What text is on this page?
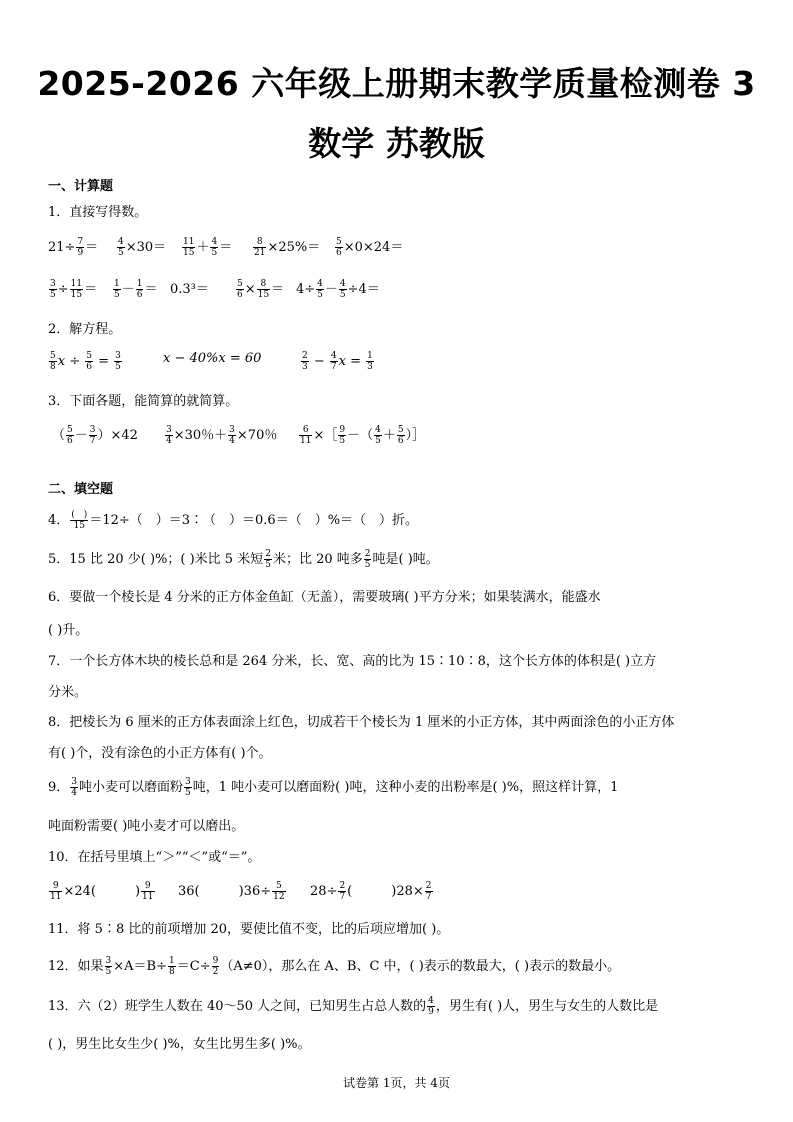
2025-2026 六年级上册期末教学质量检测卷 3
数学 苏教版
一、计算题
1．直接写得数。
$21\div \frac{7}{9} = \frac{4}{5} \times 30= \frac{11}{15} + \frac{4}{5} = \frac{8}{21} \times 25\%= \frac{5}{6} \times 0\times 24=$
$\frac{3}{5} \div \frac{11}{15} = \frac{1}{5} - \frac{1}{6} = 0.3^3=$	$\frac{5}{6} \times \frac{8}{15} = 4\div \frac{4}{5} - \frac{4}{5} \div 4=$
2．解方程。
$\frac{5}{8}$ $x \div \frac{5}{6} = \frac{3}{5}$	x − 40%x = 60	$\frac{2}{3} - \frac{4}{7}$ $x = \frac{1}{3}$
3．下面各题，能简算的就简算。
（ $\frac{5}{6} - \frac{3}{7} )\times 42$	$\frac{3}{4} \times 30$％＋ $\frac{3}{4} \times 70$％ $\frac{6}{11}$ ×［ $\frac{9}{5}$ －（ $\frac{4}{5} + \frac{5}{6}$ ）］
二、填空题
4． $\frac{( )}{15} =12\div$（　）＝3∶（　）＝0.6＝（　）%＝（　）折。
5．15 比 20 少( )%；( )米比 5 米短 $\frac{2}{5}$ 米；比 20 吨多 $\frac{2}{5}$ 吨是( )吨。
6．要做一个棱长是 4 分米的正方体金鱼缸（无盖），需要玻璃( )平方分米；如果装满水，能盛水
( )升。
7．一个长方体木块的棱长总和是 264 分米，长、宽、高的比为 15∶10∶8，这个长方体的体积是( )立方
分米。
8．把棱长为 6 厘米的正方体表面涂上红色，切成若干个棱长为 1 厘米的小正方体，其中两面涂色的小正方体
有( )个，没有涂色的小正方体有( )个。
9． $\frac{3}{4}$ 吨小麦可以磨面粉 $\frac{3}{5}$ 吨，1 吨小麦可以磨面粉( )吨，这种小麦的出粉率是( )%，照这样计算，1
吨面粉需要( )吨小麦才可以磨出。
10．在括号里填上“＞”“＜”或“＝”。
$\frac{9}{11} \times 24$(　　　) $\frac{9}{11} 36$(　　　)$36\div \frac{5}{12} 28\div \frac{2}{7}$ (　　　)$28\times \frac{2}{7}$
11．将 5∶8 比的前项增加 20，要使比值不变，比的后项应增加( )。
12．如果 $\frac{3}{5} \times A=B\div \frac{1}{8} =C\div \frac{9}{2} (A\ne 0)$，那么在 A、B、C 中，( )表示的数最大，( )表示的数最小。
13．六（2）班学生人数在 40～50 人之间，已知男生占总人数的 $\frac{4}{9}$ ，男生有( )人，男生与女生的人数比是
( )，男生比女生少( )%，女生比男生多( )%。
试卷第 1页，共 4页
